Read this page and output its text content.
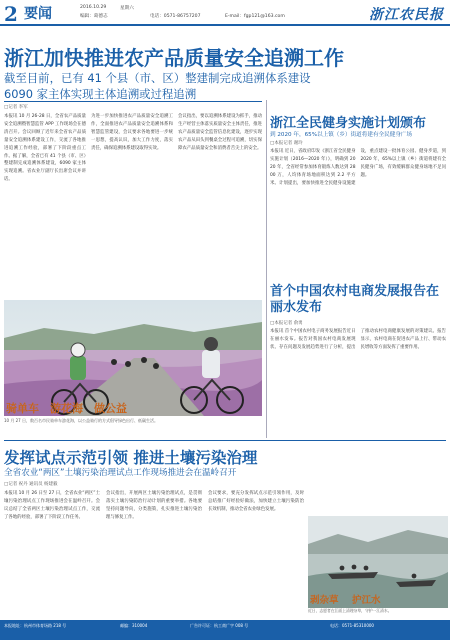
2 要闻	2016.10.29	星期六
编辑：葛德志	电话：0571-86757207	E-mail：fgp121@163.com	浙江农民报
浙江加快推进农产品质量安全追溯工作
截至目前，已有 41 个县（市、区）整建制完成追溯体系建设
6090 家主体实现主体追溯或过程追溯
□记者 李军
本报讯 10 月 26-28 日，全省农产品质量安全追溯暨智慧监管 APP 工作现场会在德清召开。会议回顾了近年来全省农产品质量安全追溯体系建设工作，交流了各地推进追溯工作经验，部署了下阶段重点工作。据了解，全省已有 41 个县（市、区）整建制完成追溯体系建设，6090 家主体实现追溯。省农业厅副厅长出席会议并讲话。
为进一步加快推进农产品质量安全追溯工作，全面推进农产品质量安全追溯体系和智慧监管建设，会议要求各地要进一步统一思想，提高认识，加大工作力度，落实责任，确保追溯体系建设取得实效。
会议指出，要以追溯体系建设为抓手，推动生产经营主体落实质量安全主体责任，推进农产品质量安全监管信息化建设，逐步实现农产品从田头到餐桌全过程可追溯，切实保障农产品质量安全和消费者舌尖上的安全。
骑单车 游花海 做公益
10 月 27 日，数百名市民骑单车游花海，以公益骑行的方式倡导绿色出行、低碳生活。
浙江全民健身实施计划颁布
到 2020 年，65%以上镇（乡）街道将建有全民健身广场
□本报记者 谢玲
本报讯 近日，省政府印发《浙江省全民健身实施计划（2016—2020 年）》，明确到 2020 年，全省经常参加体育锻炼人数达到 2800 万，人均体育场地面积达到 2.2 平方米。计划提出，要加快推进全民健身设施建设，重点建设一批体育公园、健身步道，到 2020 年，65%以上镇（乡）街道将建有全民健身广场，有效缓解群众健身场地不足问题。
首个中国农村电商发展报告在丽水发布
□本报记者 俞勇
本报讯 首个中国农村电子商务发展报告近日在丽水发布。报告对我国农村电商发展现状、存在问题及发展趋势进行了分析，提出了推动农村电商健康发展的对策建议。报告显示，农村电商在促进农产品上行、带动农民增收等方面发挥了重要作用。
发挥试点示范引领 推进土壤污染治理
全省农业“两区”土壤污染治理试点工作现场推进会在温岭召开
□记者 祝丹 通讯员 杨建毅
本报讯 10 月 26 日至 27 日，全省农业“两区”土壤污染治理试点工作现场推进会在温岭召开。会议总结了全省两区土壤污染治理试点工作，交流了各地的经验，部署了下阶段工作任务。
会议指出，开展两区土壤污染治理试点，是贯彻落实土壤污染防治行动计划的重要举措。各地要坚持问题导向，分类施策，扎实推进土壤污染治理与修复工作。
会议要求，要充分发挥试点示范引领作用，及时总结推广好经验好做法，加快建立土壤污染防治长效机制，推动全省农业绿色发展。
剥杂草 护江水
近日，志愿者在江面上清理杂草，守护一江清水。
本报地址：杭州市体育场路 218 号	邮编：310004	广告许可证：杭工商广字 008 号	电话：0571-85310000
